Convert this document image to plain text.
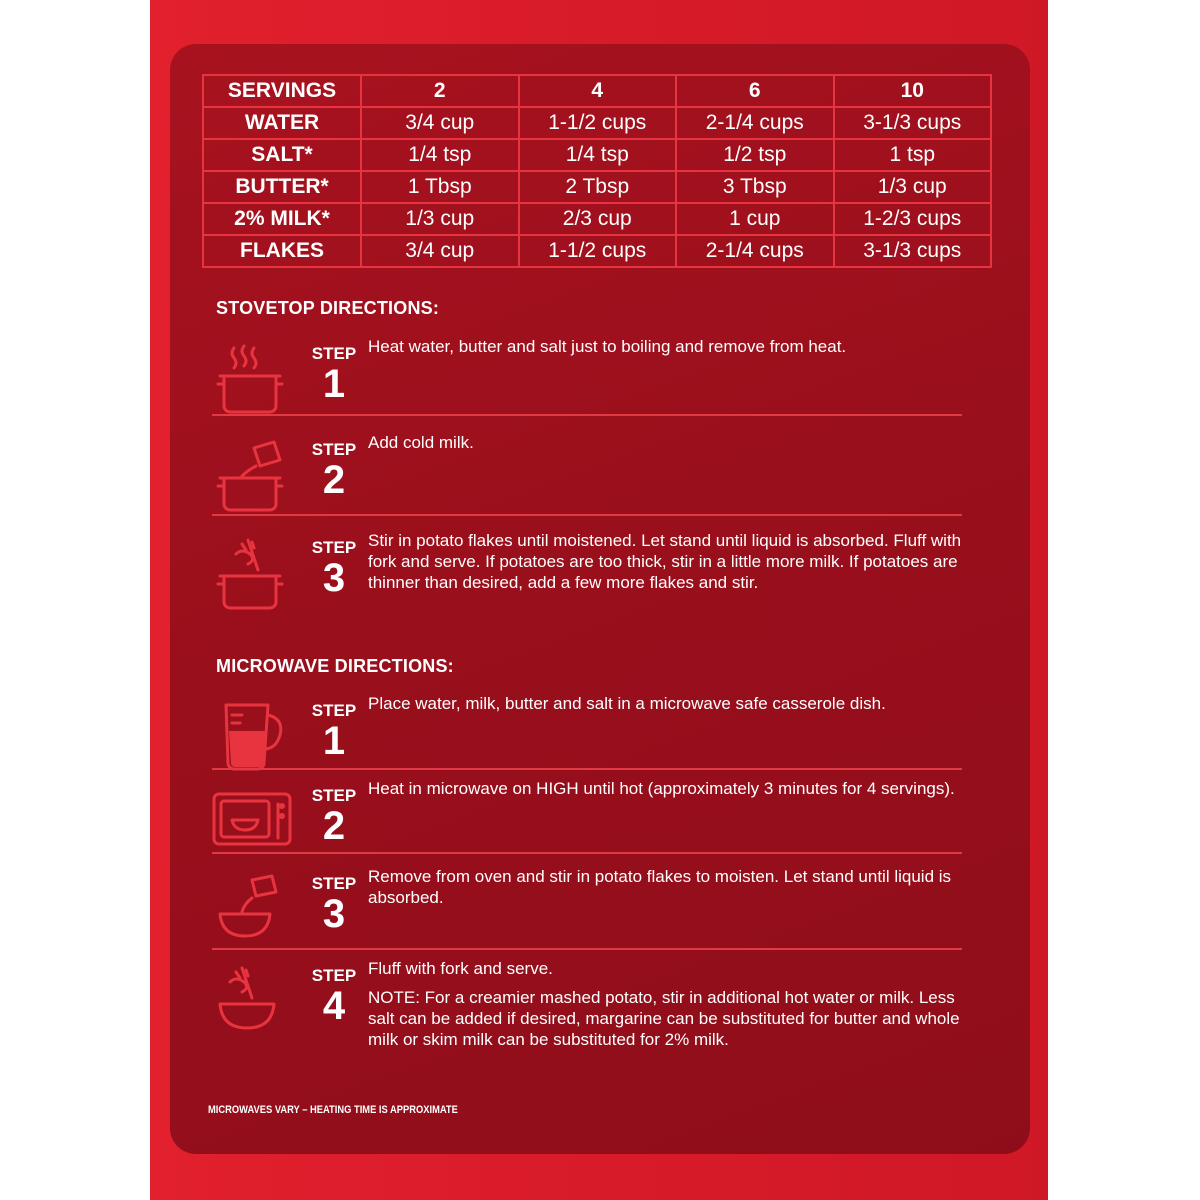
SERVINGS	2	4	6	10
WATER	3/4 cup	1-1/2 cups	2-1/4 cups	3-1/3 cups
SALT*	1/4 tsp	1/4 tsp	1/2 tsp	1 tsp
BUTTER*	1 Tbsp	2 Tbsp	3 Tbsp	1/3 cup
2% MILK*	1/3 cup	2/3 cup	1 cup	1-2/3 cups
FLAKES	3/4 cup	1-1/2 cups	2-1/4 cups	3-1/3 cups
STOVETOP DIRECTIONS:
STEP
1

Heat water, butter and salt just to boiling and remove from heat.

STEP
2

Add cold milk.

STEP
3

Stir in potato flakes until moistened. Let stand until liquid is absorbed. Fluff with fork and serve. If potatoes are too thick, stir in a little more milk. If potatoes are thinner than desired, add a few more flakes and stir.

MICROWAVE DIRECTIONS:
STEP
1

Place water, milk, butter and salt in a microwave safe casserole dish.

STEP
2

Heat in microwave on HIGH until hot (approximately 3 minutes for 4 servings).

STEP
3

Remove from oven and stir in potato flakes to moisten. Let stand until liquid is absorbed.

STEP
4

Fluff with fork and serve.

NOTE: For a creamier mashed potato, stir in additional hot water or milk. Less salt can be added if desired, margarine can be substituted for butter and whole milk or skim milk can be substituted for 2% milk.

MICROWAVES VARY – HEATING TIME IS APPROXIMATE
